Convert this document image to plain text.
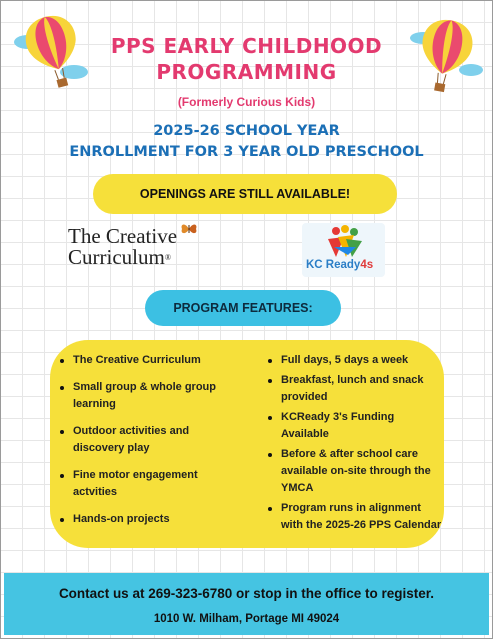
PPS EARLY CHILDHOOD
PROGRAMMING
(Formerly Curious Kids)
2025-26 SCHOOL YEAR
ENROLLMENT FOR 3 YEAR OLD PRESCHOOL
OPENINGS ARE STILL AVAILABLE!
The Creative
Curriculum®
KC Ready4s
PROGRAM FEATURES:
The Creative Curriculum
Small group & whole group learning
Outdoor activities and discovery play
Fine motor engagement actvities
Hands-on projects
Full days, 5 days a week
Breakfast, lunch and snack provided
KCReady 3's Funding Available
Before & after school care available on-site through the YMCA
Program runs in alignment with the 2025-26 PPS Calendar
Contact us at 269-323-6780 or stop in the office to register.
1010 W. Milham, Portage MI 49024
